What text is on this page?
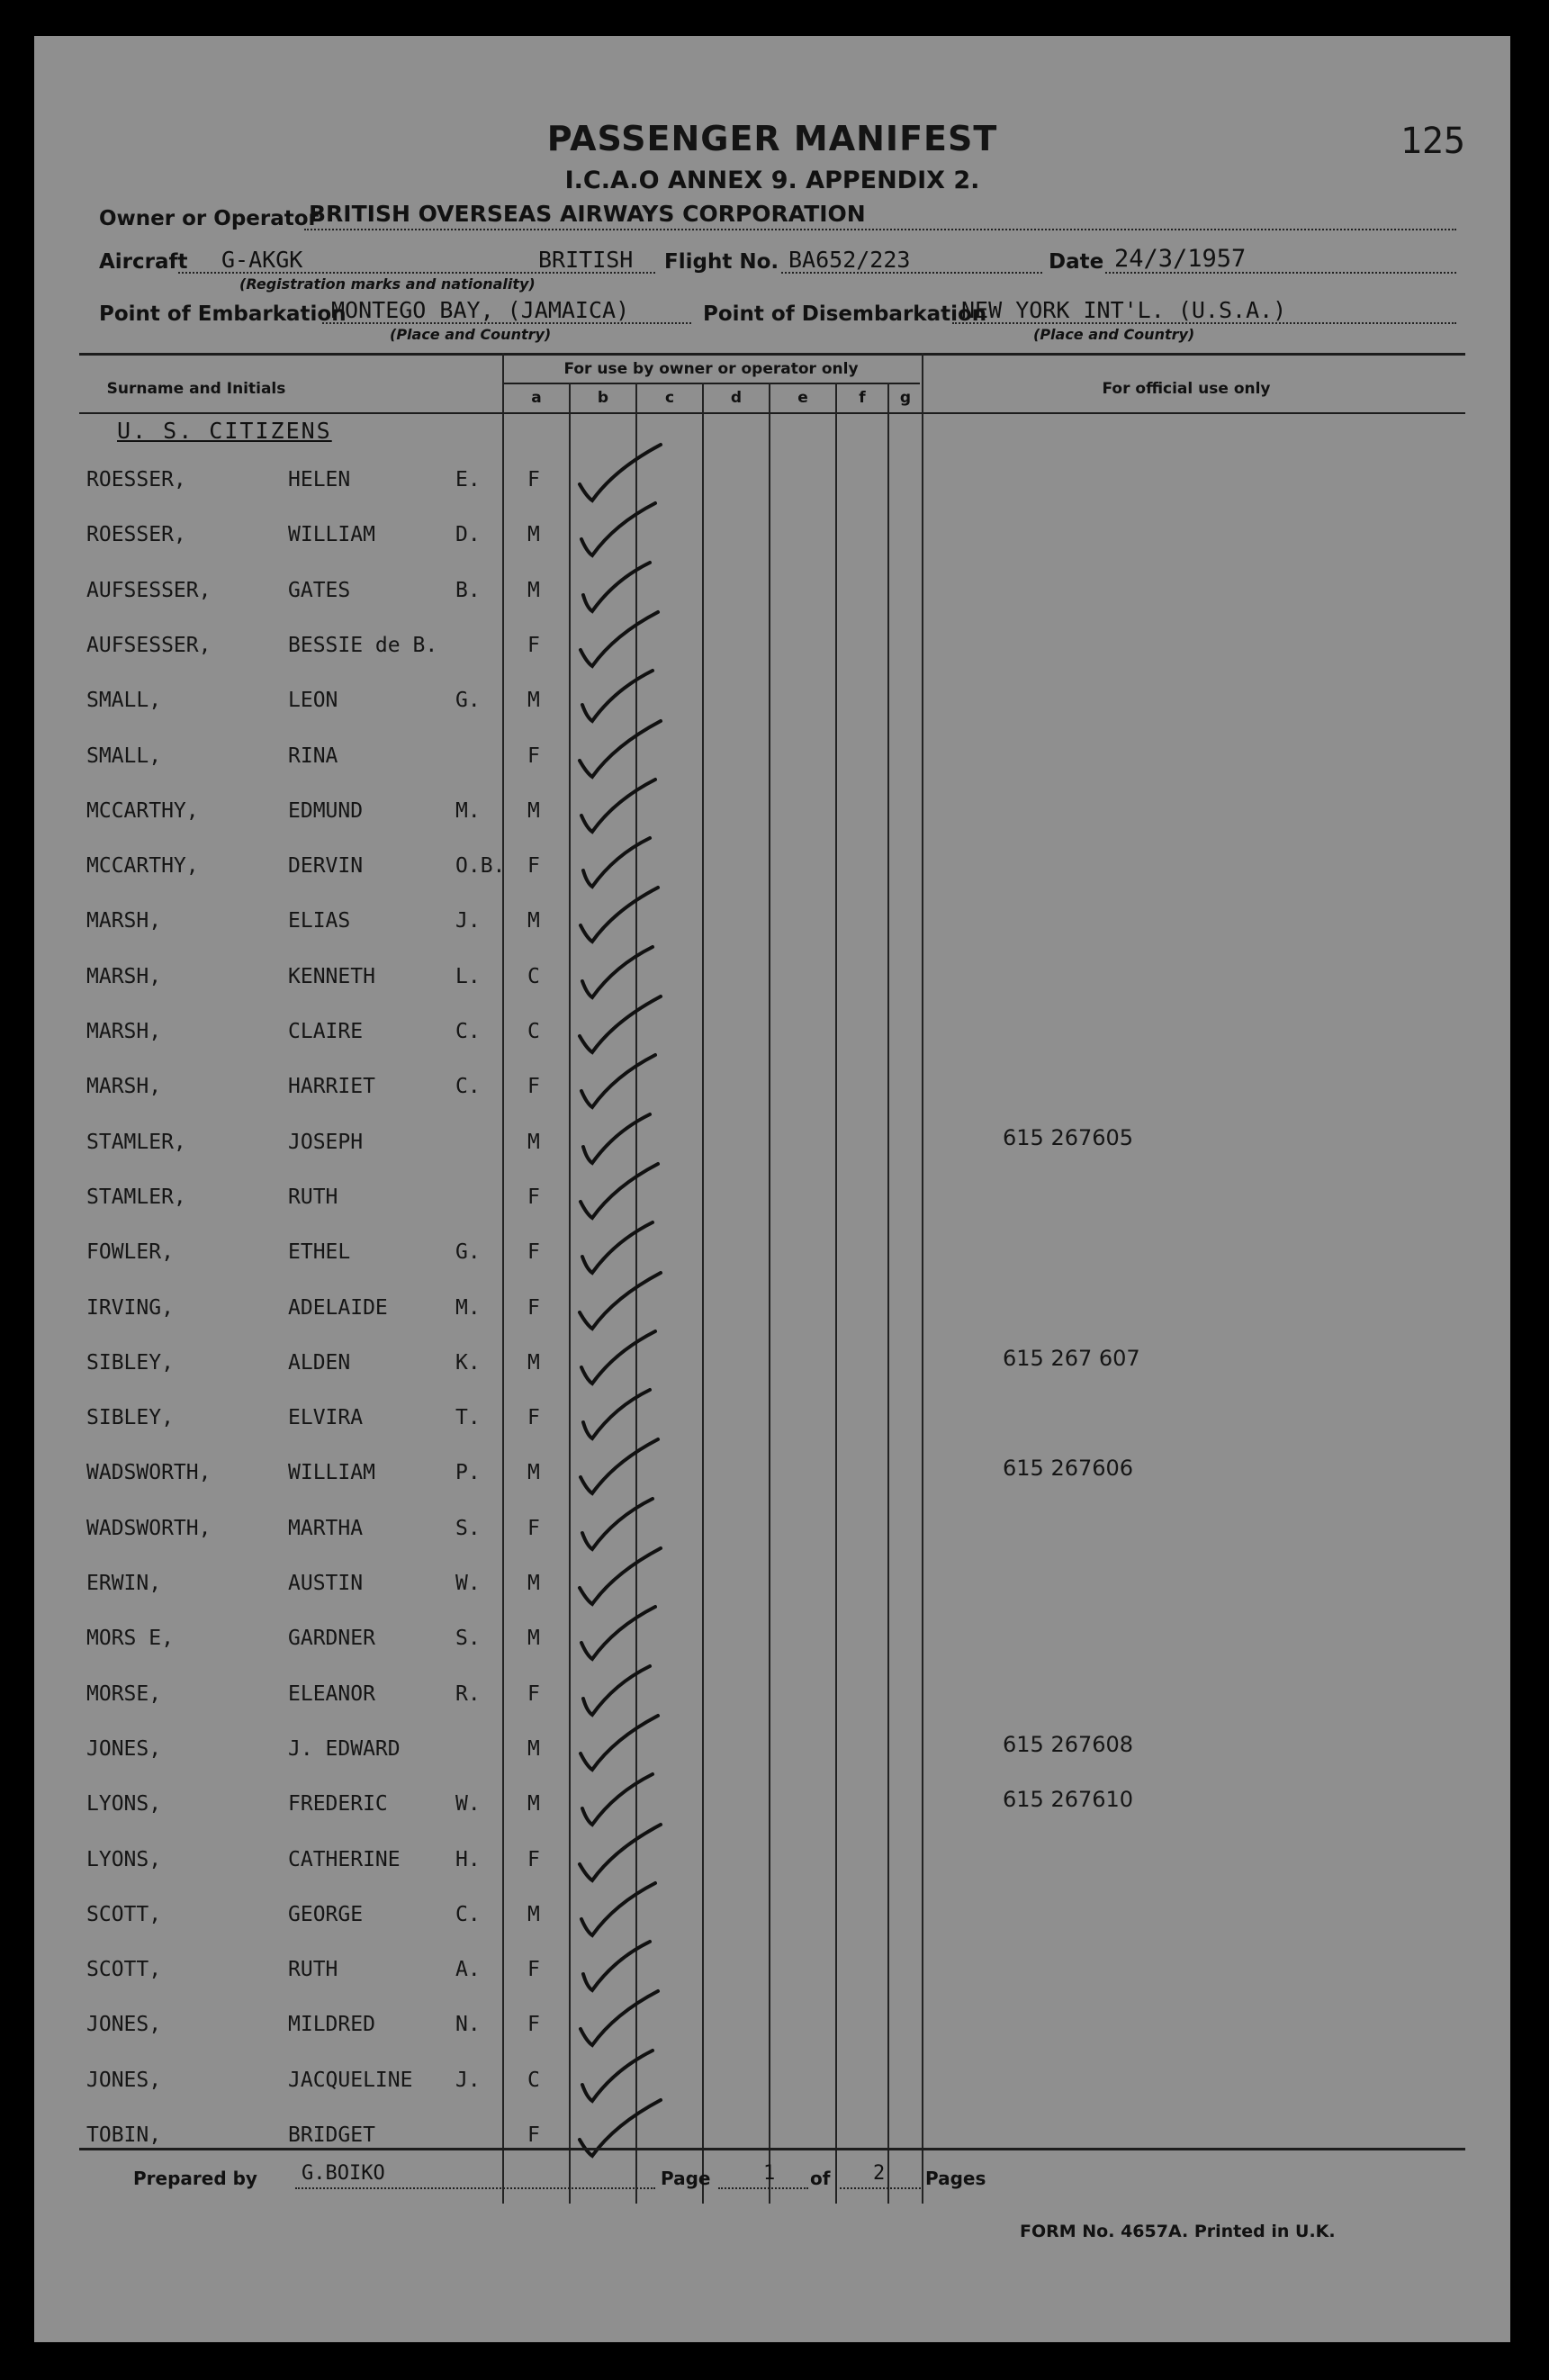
PASSENGER MANIFEST
I.C.A.O ANNEX 9. APPENDIX 2.
125
Owner or Operator
BRITISH OVERSEAS AIRWAYS CORPORATION
Aircraft G-AKGK	BRITISH
(Registration marks and nationality)
Flight No. BA652/223	Date 24/3/1957
Point of Embarkation
MONTEGO BAY, (JAMAICA)
(Place and Country)
Point of Disembarkation
NEW YORK INT'L. (U.S.A.)
(Place and Country)
Surname and Initials
For use by owner or operator only
For official use only
a	b	c	d	e	f	g
U. S. CITIZENS
ROESSER,	HELEN	E. F
ROESSER,	WILLIAM	D. M
AUFSESSER,	GATES	B. M
AUFSESSER,	BESSIE de B.	F
SMALL,	LEON	G. M
SMALL,	RINA	F
MCCARTHY,	EDMUND	M. M
MCCARTHY,	DERVIN	O.B. F
MARSH,	ELIAS	J. M
MARSH,	KENNETH	L. C
MARSH,	CLAIRE	C. C
MARSH,	HARRIET	C. F
STAMLER,	JOSEPH	M	615 267605
STAMLER,	RUTH	F
FOWLER,	ETHEL	G. F
IRVING,	ADELAIDE	M. F
SIBLEY,	ALDEN	K. M	615 267 607
SIBLEY,	ELVIRA	T. F
WADSWORTH,	WILLIAM	P. M	615 267606
WADSWORTH,	MARTHA	S. F
ERWIN,	AUSTIN	W. M
MORS E,	GARDNER	S. M
MORSE,	ELEANOR	R. F
JONES,	J. EDWARD	M	615 267608
LYONS,	FREDERIC	W. M	615 267610
LYONS,	CATHERINE	H. F
SCOTT,	GEORGE	C. M
SCOTT,	RUTH	A. F
JONES,	MILDRED	N. F
JONES,	JACQUELINE J. C
TOBIN,	BRIDGET	F
Prepared by G.BOIKO	Page	1 of 2 Pages
FORM No. 4657A. Printed in U.K.
